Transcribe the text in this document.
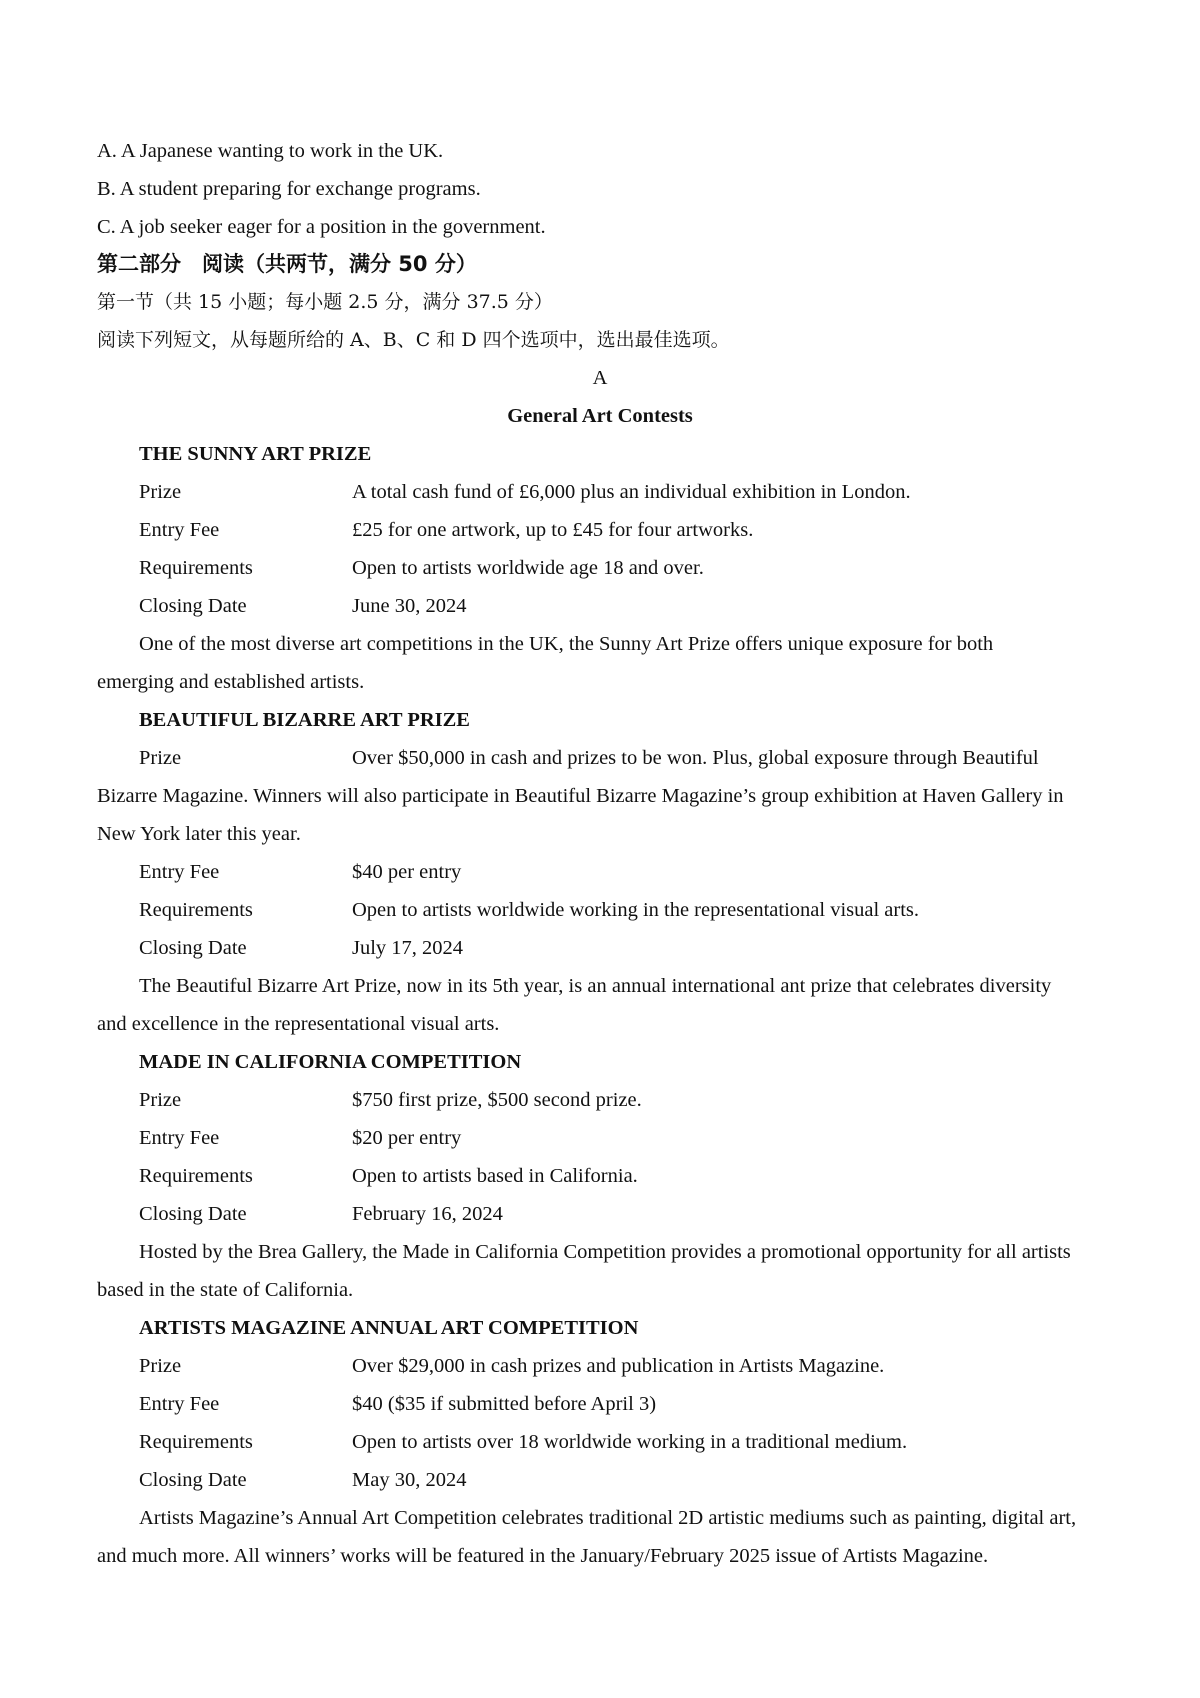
A. A Japanese wanting to work in the UK.
B. A student preparing for exchange programs.
C. A job seeker eager for a position in the government.
第二部分　阅读（共两节，满分 50 分）
第一节（共 15 小题；每小题 2.5 分，满分 37.5 分）
阅读下列短文，从每题所给的 A、B、C 和 D 四个选项中，选出最佳选项。
A
General Art Contests
THE SUNNY ART PRIZE
Prize	A total cash fund of £6,000 plus an individual exhibition in London.
Entry Fee	£25 for one artwork, up to £45 for four artworks.
Requirements	Open to artists worldwide age 18 and over.
Closing Date	June 30, 2024
One of the most diverse art competitions in the UK, the Sunny Art Prize offers unique exposure for both
emerging and established artists.
BEAUTIFUL BIZARRE ART PRIZE
Prize	Over $50,000 in cash and prizes to be won. Plus, global exposure through Beautiful
Bizarre Magazine. Winners will also participate in Beautiful Bizarre Magazine’s group exhibition at Haven Gallery in
New York later this year.
Entry Fee	$40 per entry
Requirements	Open to artists worldwide working in the representational visual arts.
Closing Date	July 17, 2024
The Beautiful Bizarre Art Prize, now in its 5th year, is an annual international ant prize that celebrates diversity
and excellence in the representational visual arts.
MADE IN CALIFORNIA COMPETITION
Prize	$750 first prize, $500 second prize.
Entry Fee	$20 per entry
Requirements	Open to artists based in California.
Closing Date	February 16, 2024
Hosted by the Brea Gallery, the Made in California Competition provides a promotional opportunity for all artists
based in the state of California.
ARTISTS MAGAZINE ANNUAL ART COMPETITION
Prize	Over $29,000 in cash prizes and publication in Artists Magazine.
Entry Fee	$40 ($35 if submitted before April 3)
Requirements	Open to artists over 18 worldwide working in a traditional medium.
Closing Date	May 30, 2024
Artists Magazine’s Annual Art Competition celebrates traditional 2D artistic mediums such as painting, digital art,
and much more. All winners’ works will be featured in the January/February 2025 issue of Artists Magazine.
